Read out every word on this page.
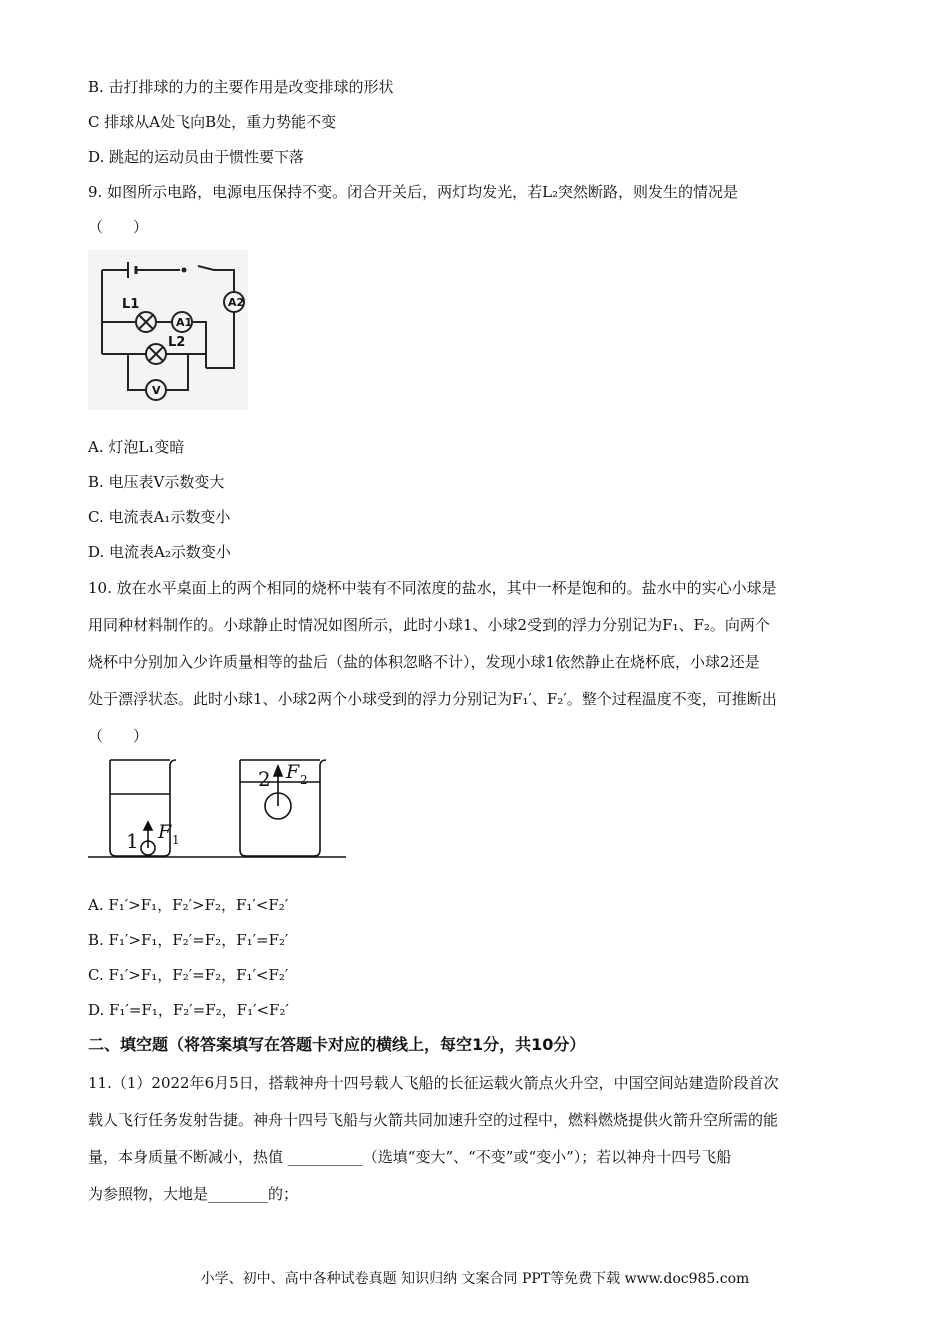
B. 击打排球的力的主要作用是改变排球的形状
C 排球从A处飞向B处，重力势能不变
D. 跳起的运动员由于惯性要下落
9. 如图所示电路，电源电压保持不变。闭合开关后，两灯均发光，若L₂突然断路，则发生的情况是
（　　）
A2
A1
V
L1
L2
A. 灯泡L₁变暗
B. 电压表V示数变大
C. 电流表A₁示数变小
D. 电流表A₂示数变小
10. 放在水平桌面上的两个相同的烧杯中装有不同浓度的盐水，其中一杯是饱和的。盐水中的实心小球是
用同种材料制作的。小球静止时情况如图所示，此时小球1、小球2受到的浮力分别记为F₁、F₂。向两个
烧杯中分别加入少许质量相等的盐后（盐的体积忽略不计），发现小球1依然静止在烧杯底，小球2还是
处于漂浮状态。此时小球1、小球2两个小球受到的浮力分别记为F₁′、F₂′。整个过程温度不变，可推断出
（　　）
1 F 1
2 F 2
A. F₁′>F₁，F₂′>F₂，F₁′<F₂′
B. F₁′>F₁，F₂′=F₂，F₁′=F₂′
C. F₁′>F₁，F₂′=F₂，F₁′<F₂′
D. F₁′=F₁，F₂′=F₂，F₁′<F₂′
二、填空题（将答案填写在答题卡对应的横线上，每空1分，共10分）
11.（1）2022年6月5日，搭载神舟十四号载人飞船的长征运载火箭点火升空，中国空间站建造阶段首次
载人飞行任务发射告捷。神舟十四号飞船与火箭共同加速升空的过程中，燃料燃烧提供火箭升空所需的能
量，本身质量不断减小，热值 __________（选填“变大”、“不变”或“变小”）；若以神舟十四号飞船
为参照物，大地是________的；
小学、初中、高中各种试卷真题 知识归纳 文案合同 PPT等免费下载 www.doc985.com
